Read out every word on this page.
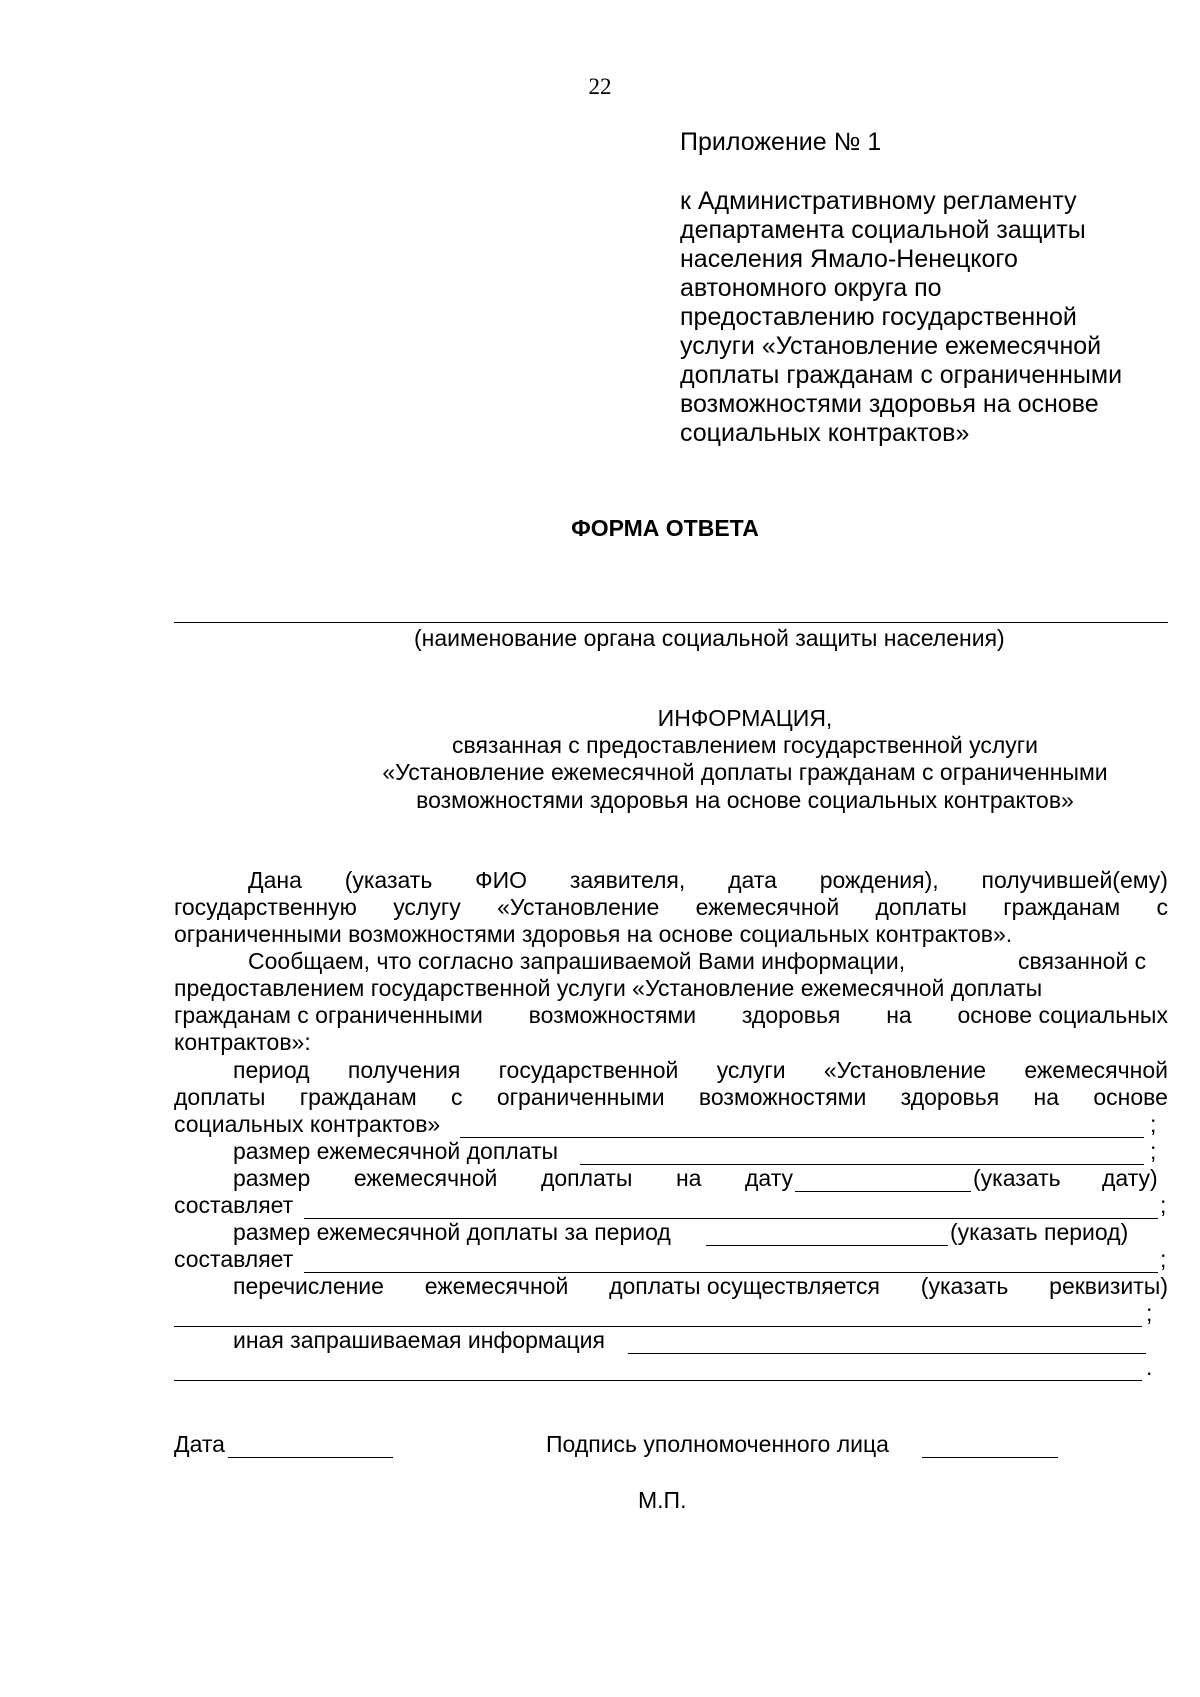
22
Приложение № 1
к Административному регламенту
департамента социальной защиты
населения Ямало-Ненецкого
автономного округа по
предоставлению государственной
услуги «Установление ежемесячной
доплаты гражданам с ограниченными
возможностями здоровья на основе
социальных контрактов»
ФОРМА ОТВЕТА
(наименование органа социальной защиты населения)
ИНФОРМАЦИЯ,
связанная с предоставлением государственной услуги
«Установление ежемесячной доплаты гражданам с ограниченными
возможностями здоровья на основе социальных контрактов»
Дана (указать ФИО заявителя, дата рождения), получившей(ему)
государственную услугу «Установление ежемесячной доплаты гражданам с
ограниченными возможностями здоровья на основе социальных контрактов».
Сообщаем, что согласно запрашиваемой Вами информации,	связанной с
предоставлением государственной услуги «Установление ежемесячной доплаты
гражданам с ограниченными возможностями здоровья на основе социальных
контрактов»:
период получения государственной услуги «Установление ежемесячной
доплаты гражданам с ограниченными возможностями здоровья на основе
социальных контрактов»	;
размер ежемесячной доплаты	;
размер ежемесячной доплаты на дату	(указать дату)
составляет	;
размер ежемесячной доплаты за период	(указать период)
составляет	;
перечисление ежемесячной доплаты осуществляется (указать реквизиты)
;
иная запрашиваемая информация
.
Дата	Подпись уполномоченного лица
М.П.
